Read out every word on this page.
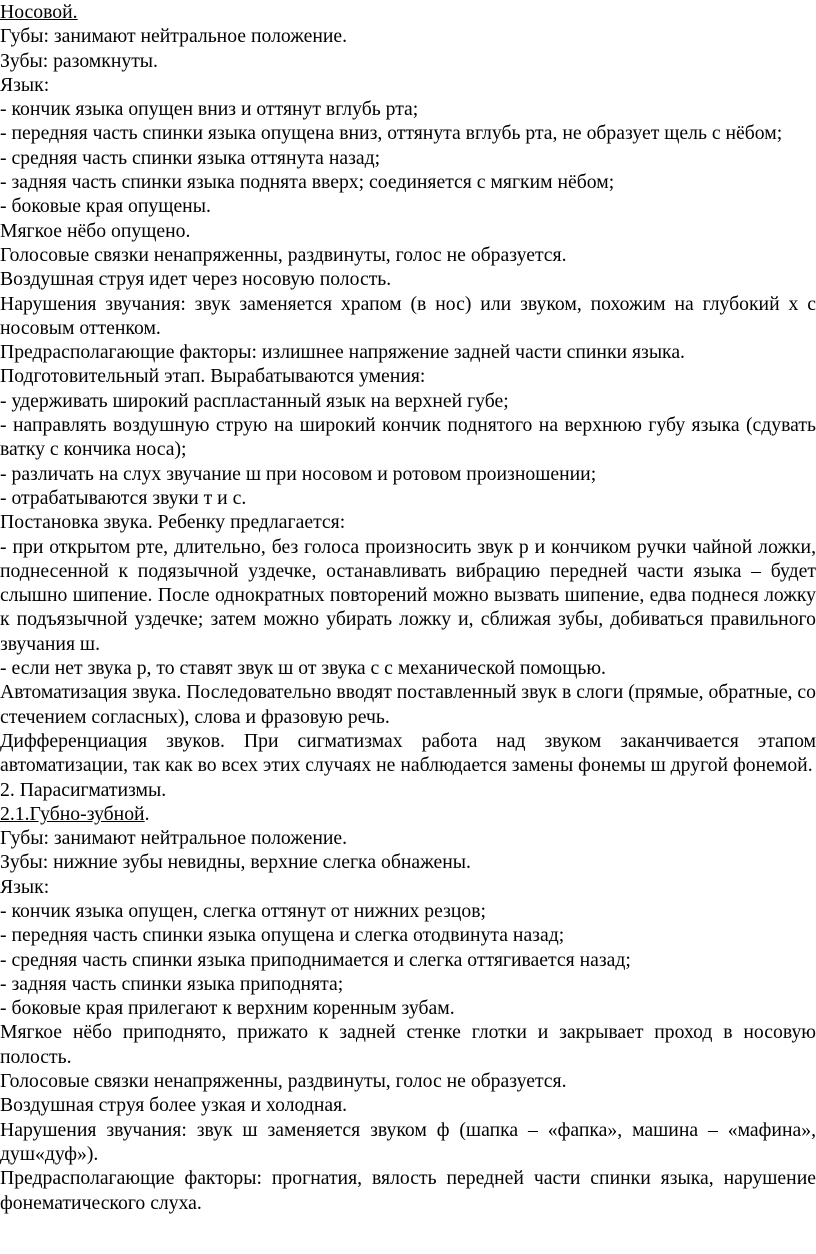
Носовой.
Губы: занимают нейтральное положение.
Зубы: разомкнуты.
Язык:
- кончик языка опущен вниз и оттянут вглубь рта;
- передняя часть спинки языка опущена вниз, оттянута вглубь рта, не образует щель с нёбом;
- средняя часть спинки языка оттянута назад;
- задняя часть спинки языка поднята вверх; соединяется с мягким нёбом;
- боковые края опущены.
Мягкое нёбо опущено.
Голосовые связки ненапряженны, раздвинуты, голос не образуется.
Воздушная струя идет через носовую полость.
Нарушения звучания: звук заменяется храпом (в нос) или звуком, похожим на глубокий х с носовым оттенком.
Предрасполагающие факторы: излишнее напряжение задней части спинки языка.
Подготовительный этап. Вырабатываются умения:
- удерживать широкий распластанный язык на верхней губе;
- направлять воздушную струю на широкий кончик поднятого на верхнюю губу языка (сдувать ватку с кончика носа);
- различать на слух звучание ш при носовом и ротовом произношении;
- отрабатываются звуки т и с.
Постановка звука. Ребенку предлагается:
- при открытом рте, длительно, без голоса произносить звук р и кончиком ручки чайной ложки, поднесенной к подязычной уздечке, останавливать вибрацию передней части языка – будет слышно шипение. После однократных повторений можно вызвать шипение, едва поднеся ложку к подъязычной уздечке; затем можно убирать ложку и, сближая зубы, добиваться правильного звучания ш.
- если нет звука р, то ставят звук ш от звука с с механической помощью.
Автоматизация звука. Последовательно вводят поставленный звук в слоги (прямые, обратные, со стечением согласных), слова и фразовую речь.
Дифференциация звуков. При сигматизмах работа над звуком заканчивается этапом автоматизации, так как во всех этих случаях не наблюдается замены фонемы ш другой фонемой.
2. Парасигматизмы.
2.1.Губно-зубной.
Губы: занимают нейтральное положение.
Зубы: нижние зубы невидны, верхние слегка обнажены.
Язык:
- кончик языка опущен, слегка оттянут от нижних резцов;
- передняя часть спинки языка опущена и слегка отодвинута назад;
- средняя часть спинки языка приподнимается и слегка оттягивается назад;
- задняя часть спинки языка приподнята;
- боковые края прилегают к верхним коренным зубам.
Мягкое нёбо приподнято, прижато к задней стенке глотки и закрывает проход в носовую полость.
Голосовые связки ненапряженны, раздвинуты, голос не образуется.
Воздушная струя более узкая и холодная.
Нарушения звучания: звук ш заменяется звуком ф (шапка – «фапка», машина – «мафина», душ«дуф»).
Предрасполагающие факторы: прогнатия, вялость передней части спинки языка, нарушение фонематического слуха.
